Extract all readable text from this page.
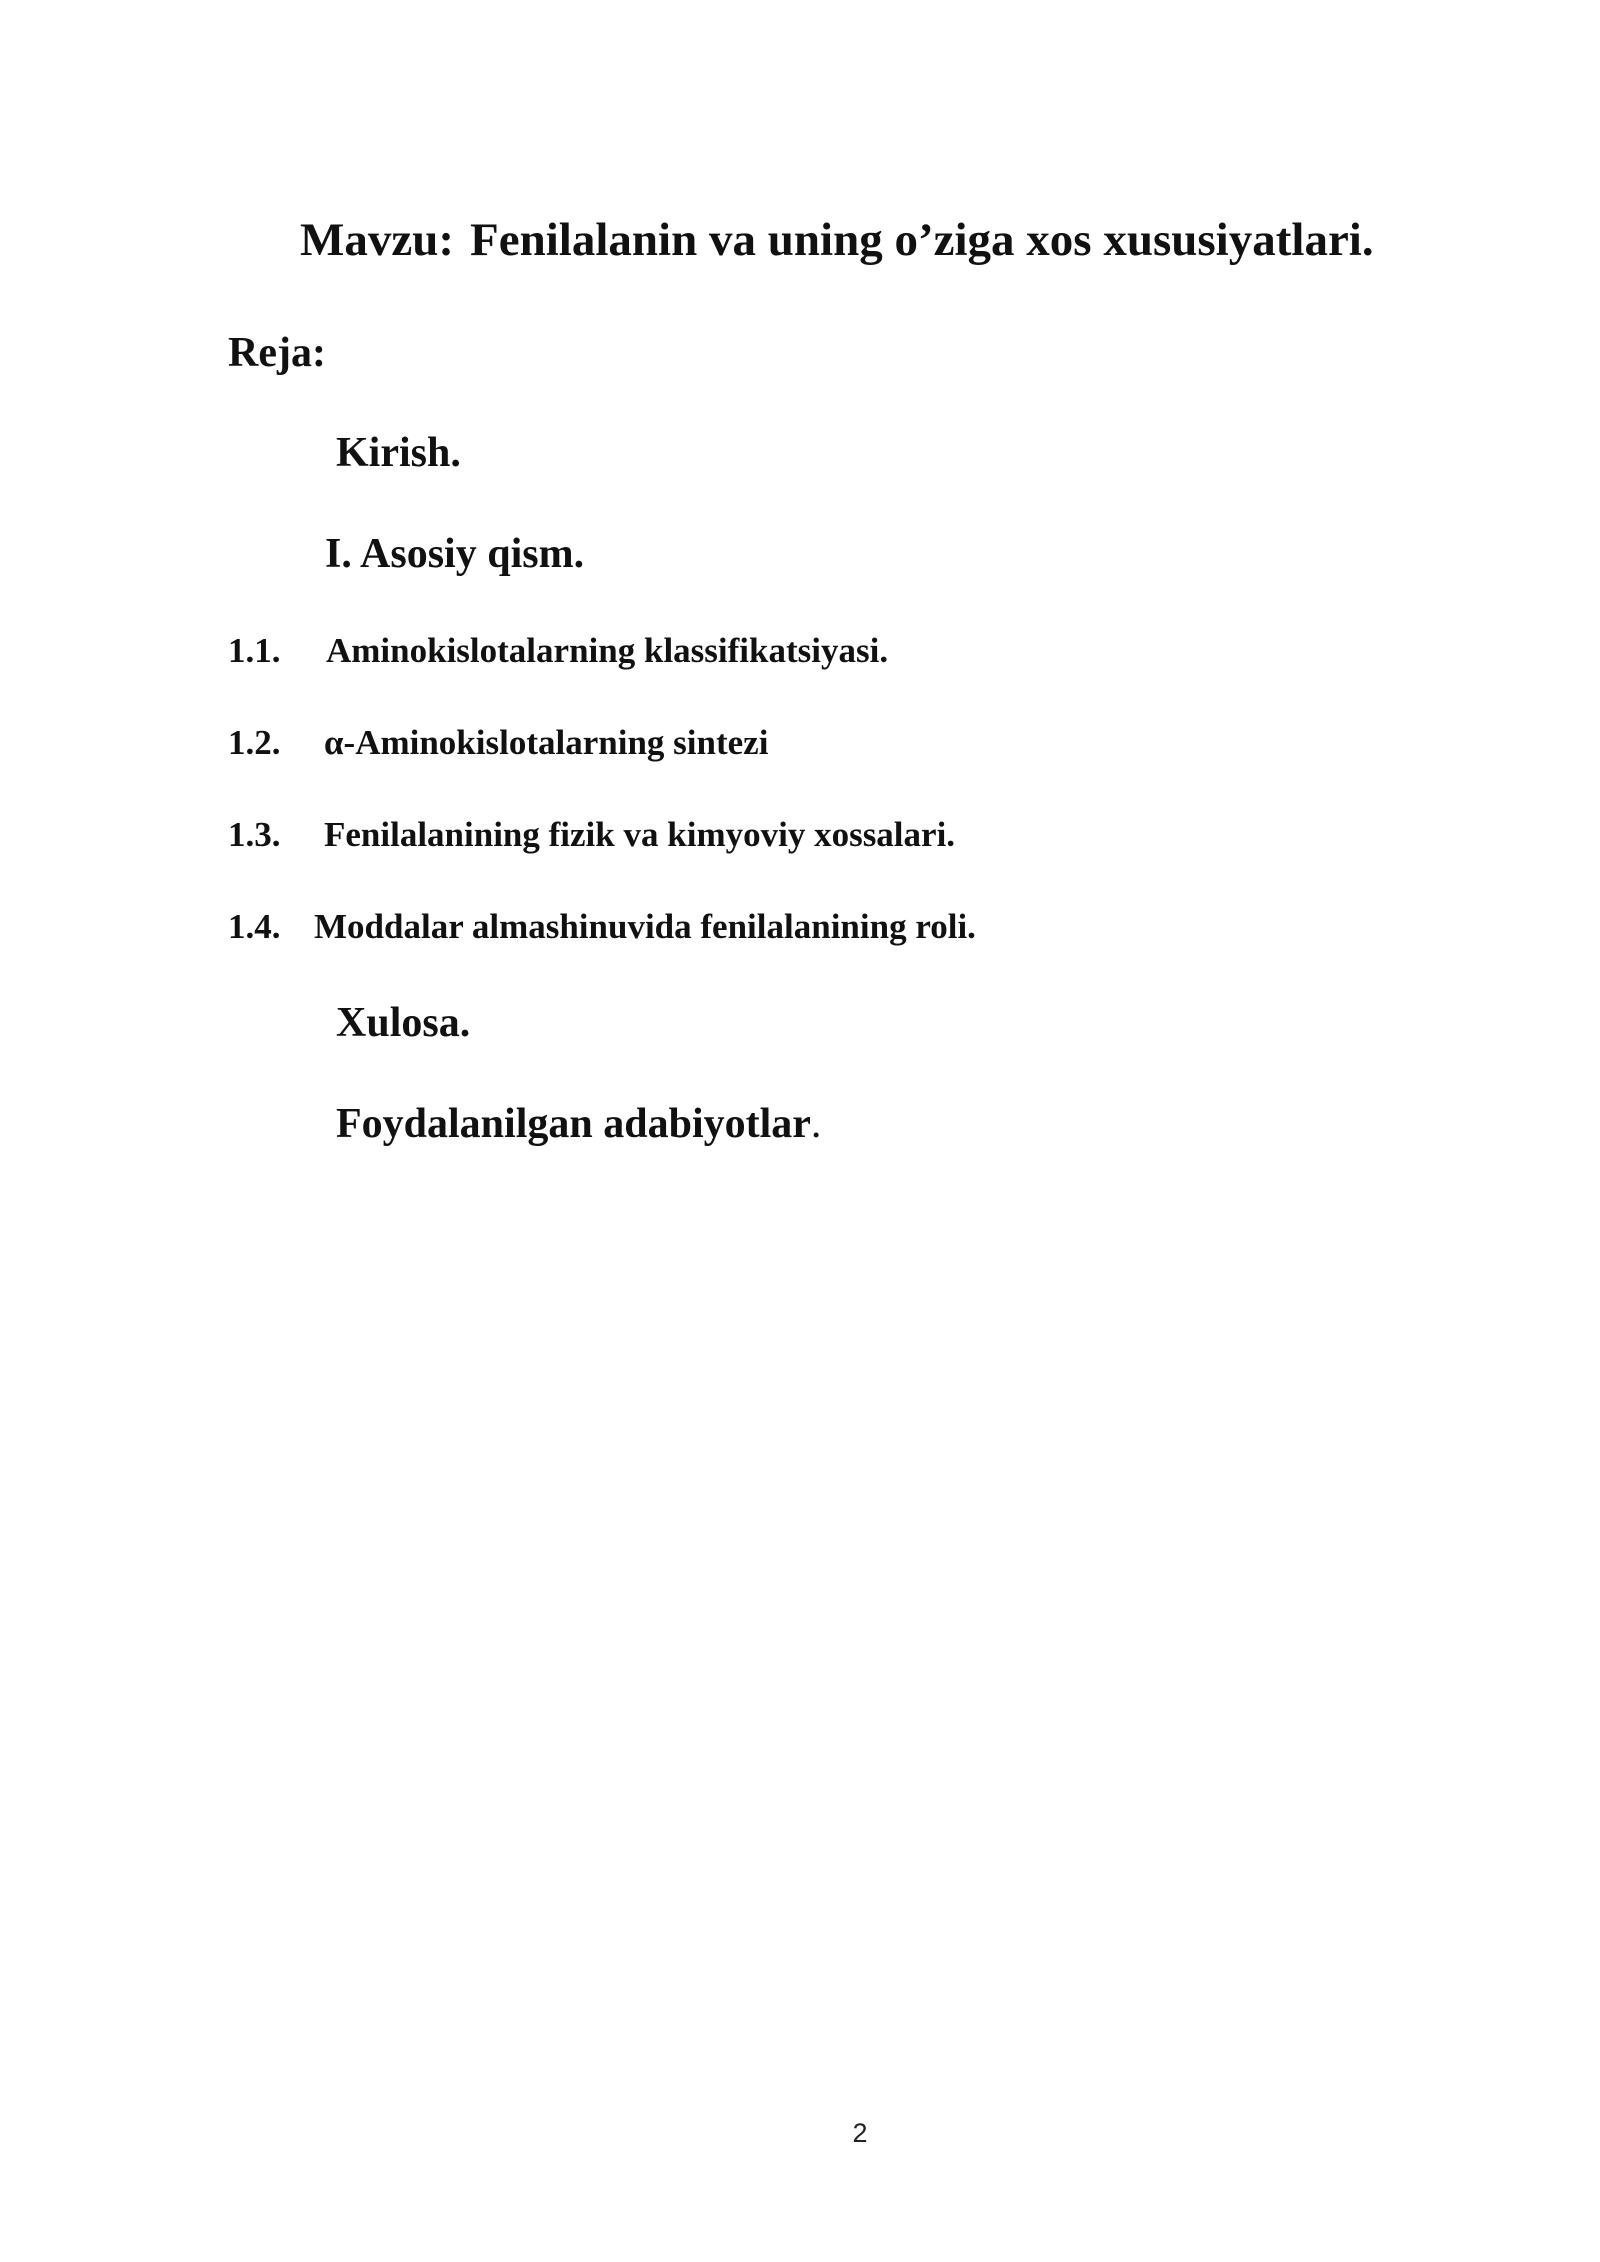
Mavzu: Fenilalanin va uning o’ziga xos xususiyatlari.
Reja:
Kirish.
I. Asosiy qism.
1.1. Aminokislotalarning klassifikatsiyasi.
1.2. α-Aminokislotalarning sintezi
1.3. Fenilalanining fizik va kimyoviy xossalari.
1.4. Moddalar almashinuvida fenilalanining roli.
Xulosa.
Foydalanilgan adabiyotlar.
2
